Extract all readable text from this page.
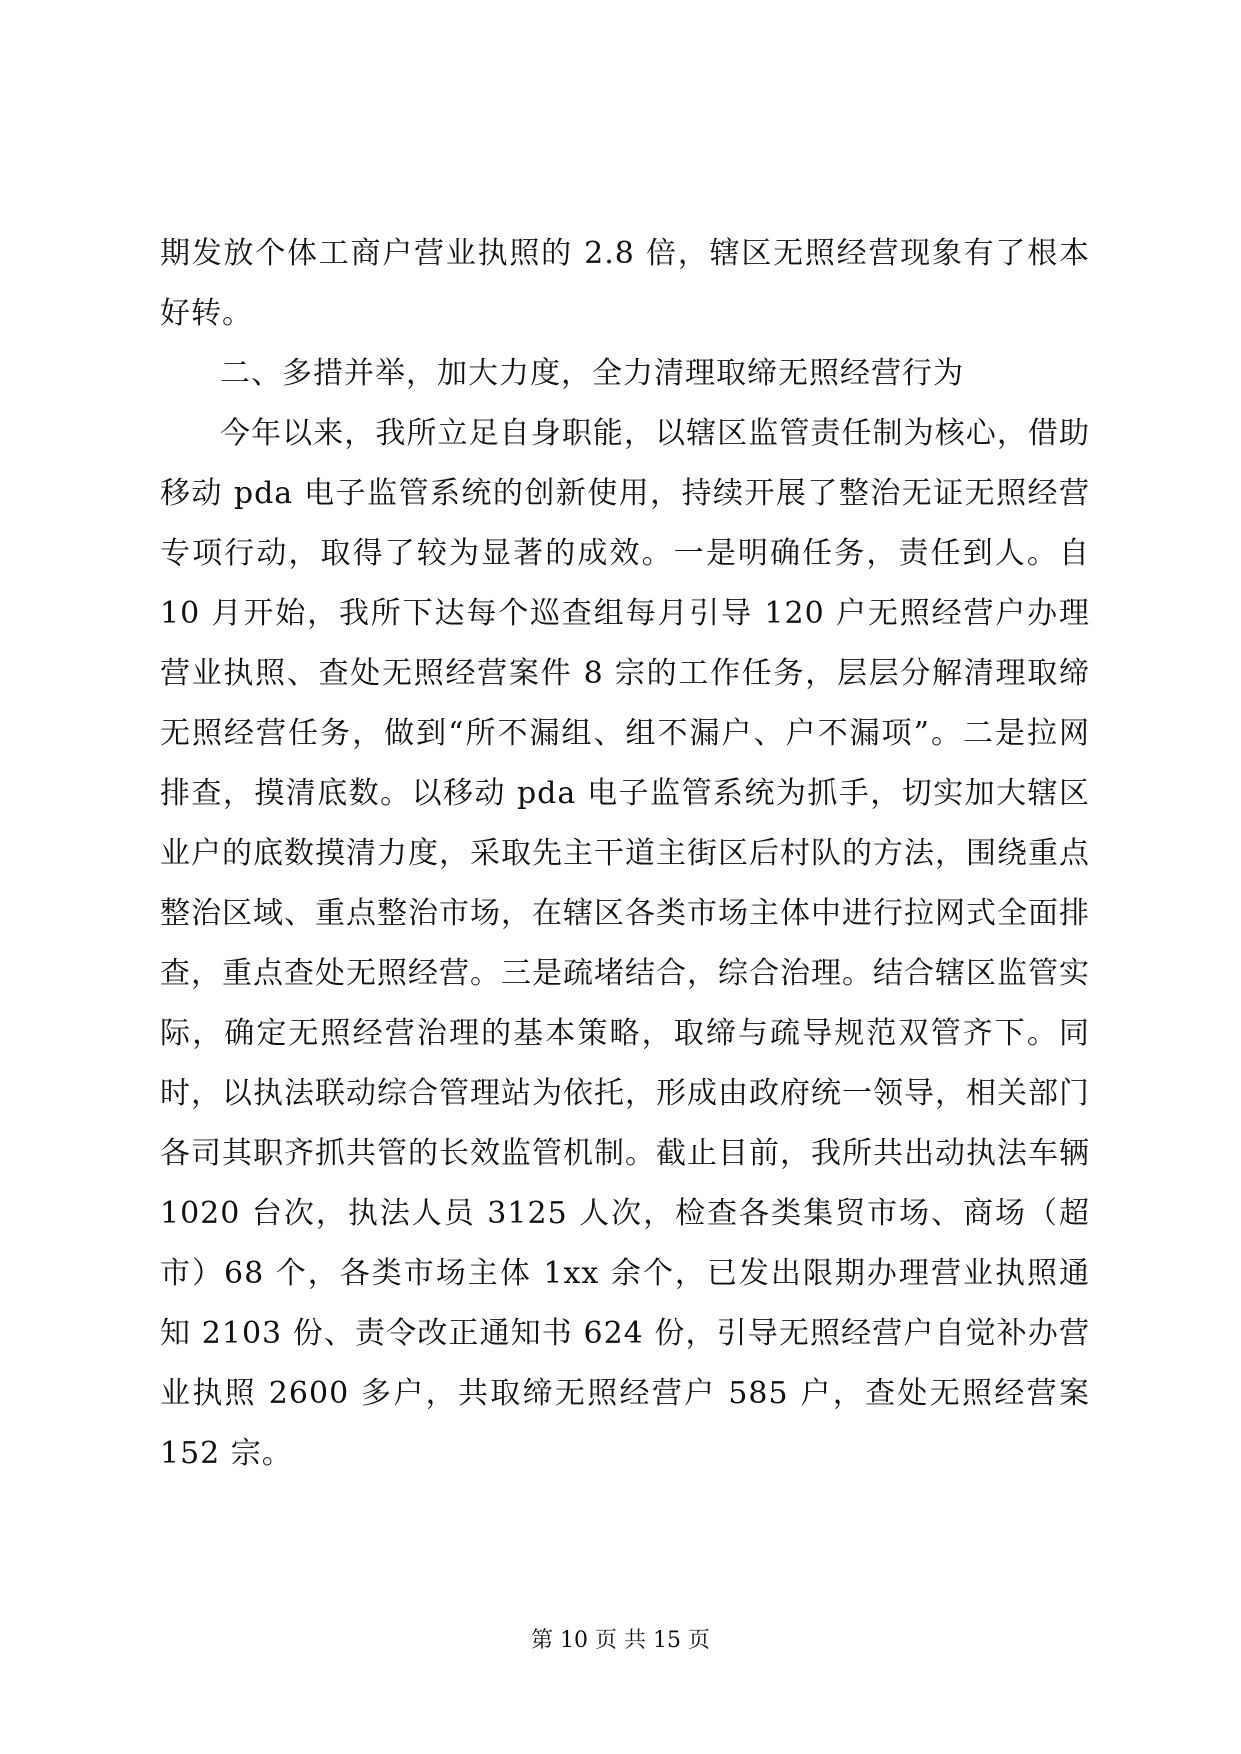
期发放个体工商户营业执照的 2.8 倍，辖区无照经营现象有了根本好转。

二、多措并举，加大力度，全力清理取缔无照经营行为

今年以来，我所立足自身职能，以辖区监管责任制为核心，借助移动 pda 电子监管系统的创新使用，持续开展了整治无证无照经营专项行动，取得了较为显著的成效。一是明确任务，责任到人。自 10 月开始，我所下达每个巡查组每月引导 120 户无照经营户办理营业执照、查处无照经营案件 8 宗的工作任务，层层分解清理取缔无照经营任务，做到“所不漏组、组不漏户、户不漏项”。二是拉网排查，摸清底数。以移动 pda 电子监管系统为抓手，切实加大辖区业户的底数摸清力度，采取先主干道主街区后村队的方法，围绕重点整治区域、重点整治市场，在辖区各类市场主体中进行拉网式全面排查，重点查处无照经营。三是疏堵结合，综合治理。结合辖区监管实际，确定无照经营治理的基本策略，取缔与疏导规范双管齐下。同时，以执法联动综合管理站为依托，形成由政府统一领导，相关部门各司其职齐抓共管的长效监管机制。截止目前，我所共出动执法车辆 1020 台次，执法人员 3125 人次，检查各类集贸市场、商场（超市）68 个，各类市场主体 1xx 余个，已发出限期办理营业执照通知 2103 份、责令改正通知书 624 份，引导无照经营户自觉补办营业执照 2600 多户，共取缔无照经营户 585 户，查处无照经营案 152 宗。

第 10 页 共 15 页
